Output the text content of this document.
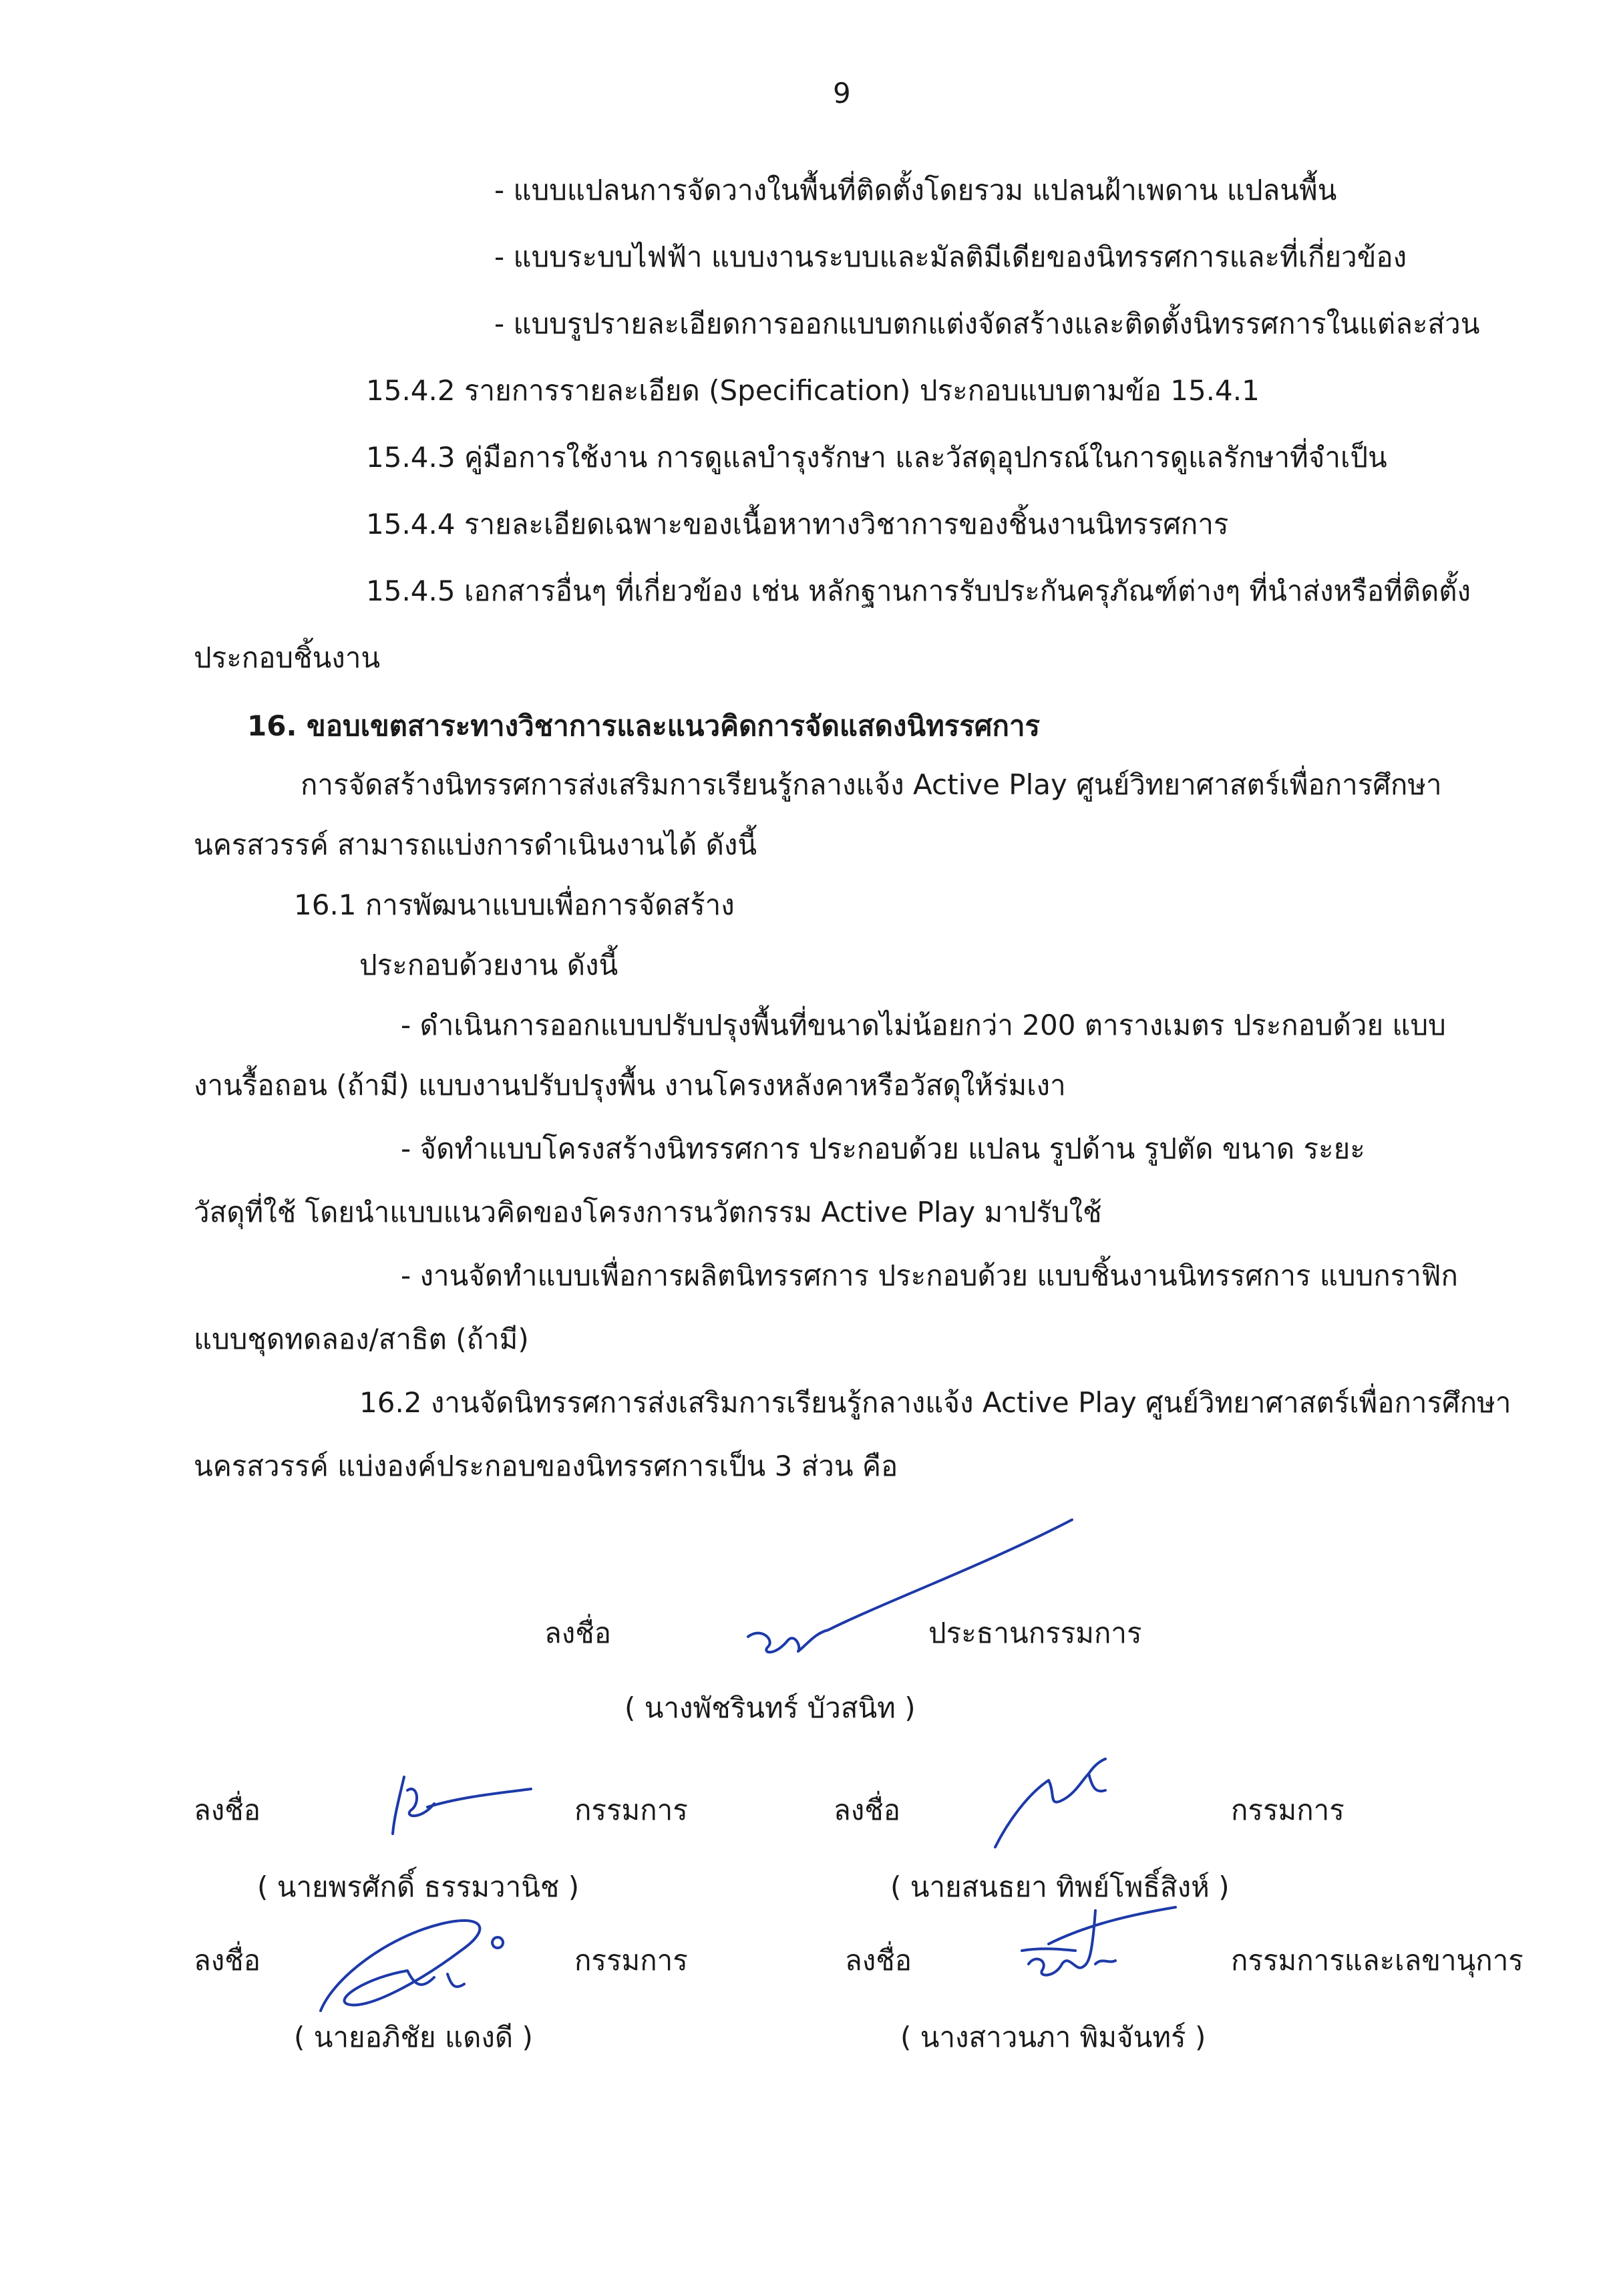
9
- แบบแปลนการจัดวางในพื้นที่ติดตั้งโดยรวม แปลนฝ้าเพดาน แปลนพื้น
- แบบระบบไฟฟ้า แบบงานระบบและมัลติมีเดียของนิทรรศการและที่เกี่ยวข้อง
- แบบรูปรายละเอียดการออกแบบตกแต่งจัดสร้างและติดตั้งนิทรรศการในแต่ละส่วน
15.4.2 รายการรายละเอียด (Specification) ประกอบแบบตามข้อ 15.4.1
15.4.3 คู่มือการใช้งาน การดูแลบำรุงรักษา และวัสดุอุปกรณ์ในการดูแลรักษาที่จำเป็น
15.4.4 รายละเอียดเฉพาะของเนื้อหาทางวิชาการของชิ้นงานนิทรรศการ
15.4.5 เอกสารอื่นๆ ที่เกี่ยวข้อง เช่น หลักฐานการรับประกันครุภัณฑ์ต่างๆ ที่นำส่งหรือที่ติดตั้ง
ประกอบชิ้นงาน
16. ขอบเขตสาระทางวิชาการและแนวคิดการจัดแสดงนิทรรศการ
การจัดสร้างนิทรรศการส่งเสริมการเรียนรู้กลางแจ้ง Active Play ศูนย์วิทยาศาสตร์เพื่อการศึกษา
นครสวรรค์ สามารถแบ่งการดำเนินงานได้ ดังนี้
16.1 การพัฒนาแบบเพื่อการจัดสร้าง
ประกอบด้วยงาน ดังนี้
- ดำเนินการออกแบบปรับปรุงพื้นที่ขนาดไม่น้อยกว่า 200 ตารางเมตร ประกอบด้วย แบบ
งานรื้อถอน (ถ้ามี) แบบงานปรับปรุงพื้น งานโครงหลังคาหรือวัสดุให้ร่มเงา
- จัดทำแบบโครงสร้างนิทรรศการ ประกอบด้วย แปลน รูปด้าน รูปตัด ขนาด ระยะ
วัสดุที่ใช้ โดยนำแบบแนวคิดของโครงการนวัตกรรม Active Play มาปรับใช้
- งานจัดทำแบบเพื่อการผลิตนิทรรศการ ประกอบด้วย แบบชิ้นงานนิทรรศการ แบบกราฟิก
แบบชุดทดลอง/สาธิต (ถ้ามี)
16.2 งานจัดนิทรรศการส่งเสริมการเรียนรู้กลางแจ้ง Active Play ศูนย์วิทยาศาสตร์เพื่อการศึกษา
นครสวรรค์ แบ่งองค์ประกอบของนิทรรศการเป็น 3 ส่วน คือ
ลงชื่อ	ประธานกรรมการ
( นางพัชรินทร์ บัวสนิท )
ลงชื่อ	กรรมการ
( นายพรศักดิ์ ธรรมวานิช )
ลงชื่อ	กรรมการ
( นายสนธยา ทิพย์โพธิ์สิงห์ )
ลงชื่อ	กรรมการ
( นายอภิชัย แดงดี )
ลงชื่อ	กรรมการและเลขานุการ
( นางสาวนภา พิมจันทร์ )
